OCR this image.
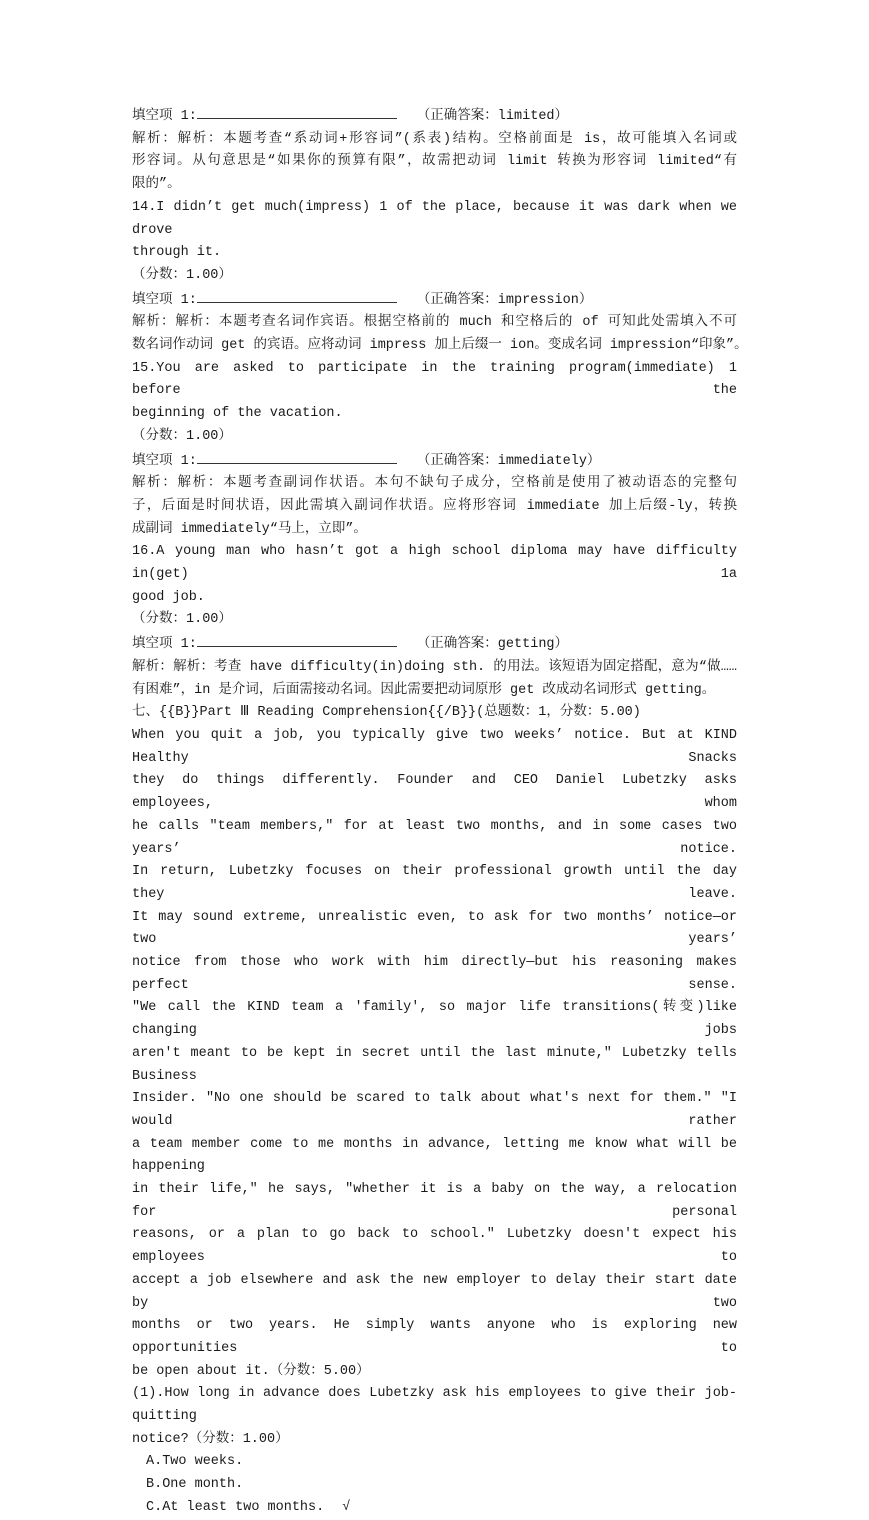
填空项 1:	（正确答案：limited）
解析：解析：本题考查“系动词+形容词”(系表)结构。空格前面是 is，故可能填入名词或
形容词。从句意思是“如果你的预算有限”，故需把动词 limit 转换为形容词 limited“有
限的”。
14.I didn’t get much(impress) 1 of the place, because it was dark when we drove
through it.
（分数：1.00）
填空项 1:	（正确答案：impression）
解析：解析：本题考查名词作宾语。根据空格前的 much 和空格后的 of 可知此处需填入不可
数名词作动词 get 的宾语。应将动词 impress 加上后缀一 ion。变成名词 impression“印象”。
15.You are asked to participate in the training program(immediate) 1 before the
beginning of the vacation.
（分数：1.00）
填空项 1:	（正确答案：immediately）
解析：解析：本题考查副词作状语。本句不缺句子成分，空格前是使用了被动语态的完整句
子，后面是时间状语，因此需填入副词作状语。应将形容词 immediate 加上后缀-ly，转换
成副词 immediately“马上，立即”。
16.A young man who hasn’t got a high school diploma may have difficulty in(get) 1a
good job.
（分数：1.00）
填空项 1:	（正确答案：getting）
解析：解析：考查 have difficulty(in)doing sth. 的用法。该短语为固定搭配，意为“做……
有困难”，in 是介词，后面需接动名词。因此需要把动词原形 get 改成动名词形式 getting。
七、{{B}}Part Ⅲ Reading Comprehension{{/B}}(总题数：1，分数：5.00)
When you quit a job, you typically give two weeks’ notice. But at KIND Healthy Snacks
they do things differently. Founder and CEO Daniel Lubetzky asks employees, whom
he calls "team members," for at least two months, and in some cases two years’ notice.
In return, Lubetzky focuses on their professional growth until the day they leave.
It may sound extreme, unrealistic even, to ask for two months’ notice—or two years’
notice from those who work with him directly—but his reasoning makes perfect sense.
"We call the KIND team a 'family', so major life transitions(转变)like changing jobs
aren't meant to be kept in secret until the last minute," Lubetzky tells Business
Insider. "No one should be scared to talk about what's next for them." "I would rather
a team member come to me months in advance, letting me know what will be happening
in their life," he says, "whether it is a baby on the way, a relocation for personal
reasons, or a plan to go back to school." Lubetzky doesn't expect his employees to
accept a job elsewhere and ask the new employer to delay their start date by two
months or two years. He simply wants anyone who is exploring new opportunities to
be open about it.（分数：5.00）
(1).How long in advance does Lubetzky ask his employees to give their job-quitting
notice?（分数：1.00）
A.Two weeks.
B.One month.
C.At least two months. √
